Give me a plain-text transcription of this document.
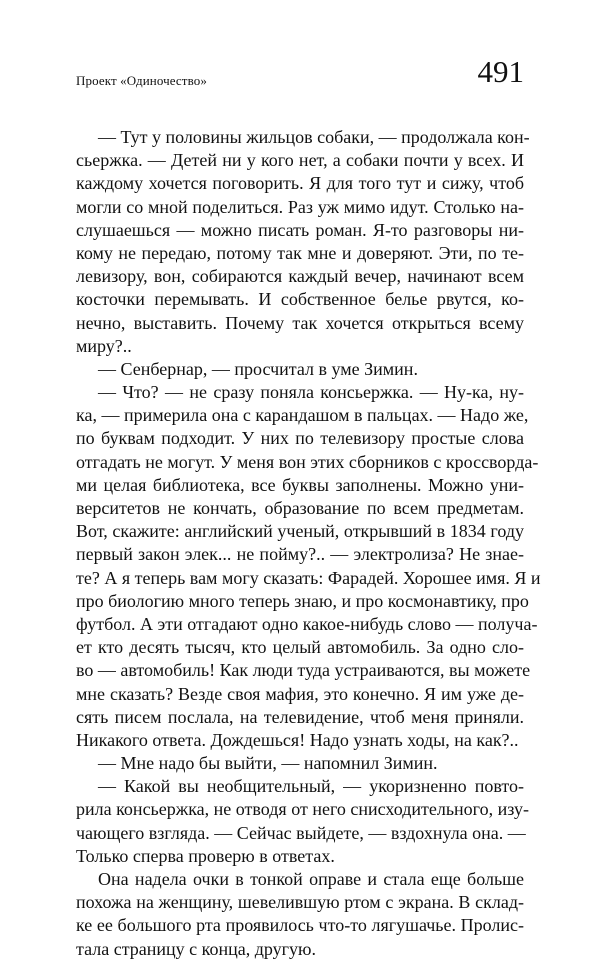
Проект «Одиночество»	491
— Тут у половины жильцов собаки, — продолжала кон-
сьержка. — Детей ни у кого нет, а собаки почти у всех. И
каждому хочется поговорить. Я для того тут и сижу, чтоб
могли со мной поделиться. Раз уж мимо идут. Столько на-
слушаешься — можно писать роман. Я-то разговоры ни-
кому не передаю, потому так мне и доверяют. Эти, по те-
левизору, вон, собираются каждый вечер, начинают всем
косточки перемывать. И собственное белье рвутся, ко-
нечно, выставить. Почему так хочется открыться всему
миру?..
— Сенбернар, — просчитал в уме Зимин.
— Что? — не сразу поняла консьержка. — Ну-ка, ну-
ка, — примерила она с карандашом в пальцах. — Надо же,
по буквам подходит. У них по телевизору простые слова
отгадать не могут. У меня вон этих сборников с кроссворда-
ми целая библиотека, все буквы заполнены. Можно уни-
верситетов не кончать, образование по всем предметам.
Вот, скажите: английский ученый, открывший в 1834 году
первый закон элек... не пойму?.. — электролиза? Не знае-
те? А я теперь вам могу сказать: Фарадей. Хорошее имя. Я и
про биологию много теперь знаю, и про космонавтику, про
футбол. А эти отгадают одно какое-нибудь слово — получа-
ет кто десять тысяч, кто целый автомобиль. За одно сло-
во — автомобиль! Как люди туда устраиваются, вы можете
мне сказать? Везде своя мафия, это конечно. Я им уже де-
сять писем послала, на телевидение, чтоб меня приняли.
Никакого ответа. Дождешься! Надо узнать ходы, на как?..
— Мне надо бы выйти, — напомнил Зимин.
— Какой вы необщительный, — укоризненно повто-
рила консьержка, не отводя от него снисходительного, изу-
чающего взгляда. — Сейчас выйдете, — вздохнула она. —
Только сперва проверю в ответах.
Она надела очки в тонкой оправе и стала еще больше
похожа на женщину, шевелившую ртом с экрана. В склад-
ке ее большого рта проявилось что-то лягушачье. Пролис-
тала страницу с конца, другую.
